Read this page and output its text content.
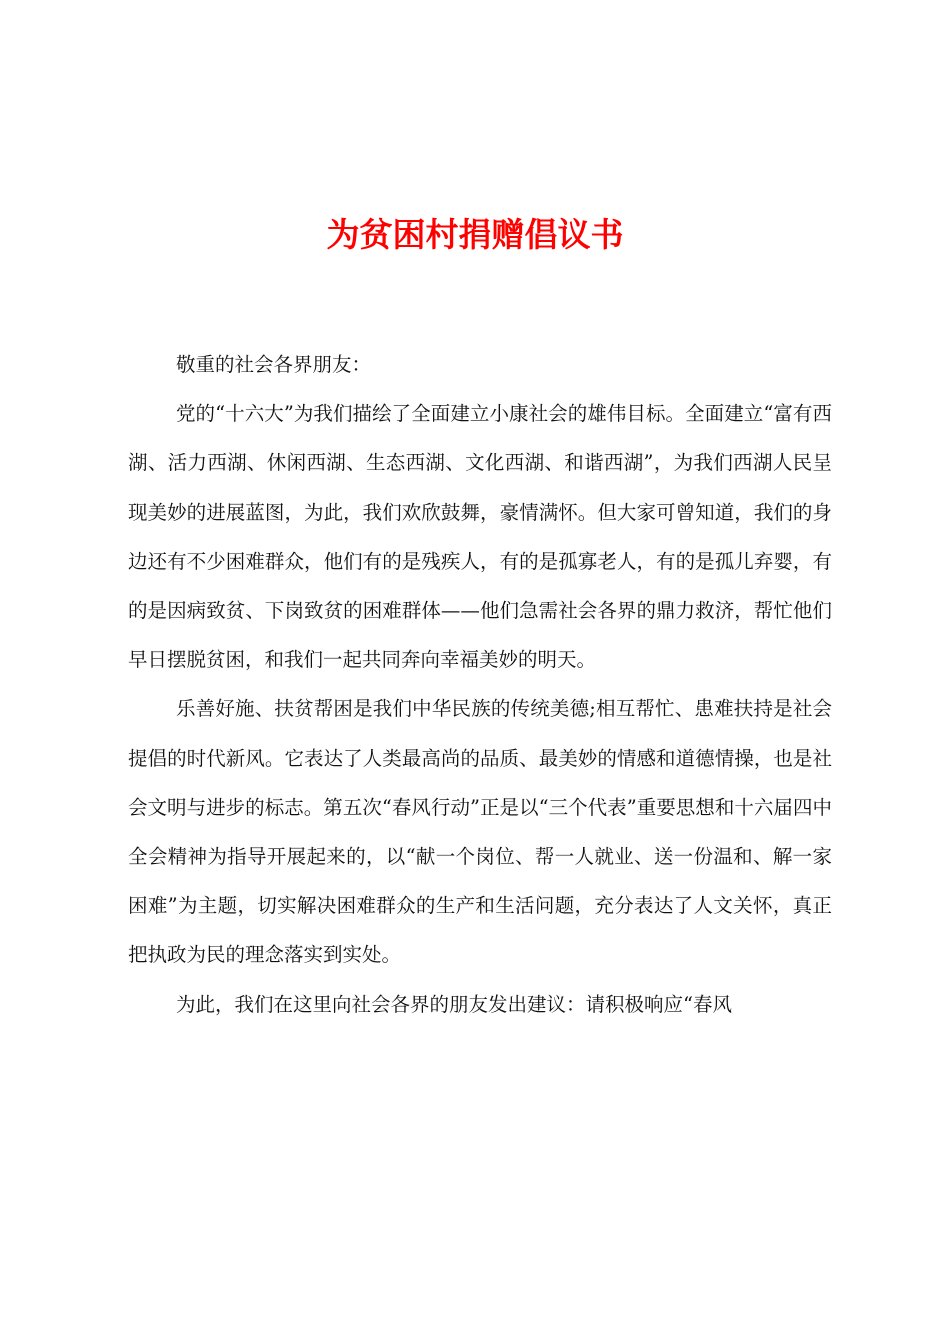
为贫困村捐赠倡议书

敬重的社会各界朋友：

党的“十六大”为我们描绘了全面建立小康社会的雄伟目标。全面建立“富有西湖、活力西湖、休闲西湖、生态西湖、文化西湖、和谐西湖”，为我们西湖人民呈现美妙的进展蓝图，为此，我们欢欣鼓舞，豪情满怀。但大家可曾知道，我们的身边还有不少困难群众，他们有的是残疾人，有的是孤寡老人，有的是孤儿弃婴，有的是因病致贫、下岗致贫的困难群体——他们急需社会各界的鼎力救济，帮忙他们早日摆脱贫困，和我们一起共同奔向幸福美妙的明天。

乐善好施、扶贫帮困是我们中华民族的传统美德;相互帮忙、患难扶持是社会提倡的时代新风。它表达了人类最高尚的品质、最美妙的情感和道德情操，也是社会文明与进步的标志。第五次“春风行动”正是以“三个代表”重要思想和十六届四中全会精神为指导开展起来的，以“献一个岗位、帮一人就业、送一份温和、解一家困难”为主题，切实解决困难群众的生产和生活问题，充分表达了人文关怀，真正把执政为民的理念落实到实处。

为此，我们在这里向社会各界的朋友发出建议：请积极响应“春风
